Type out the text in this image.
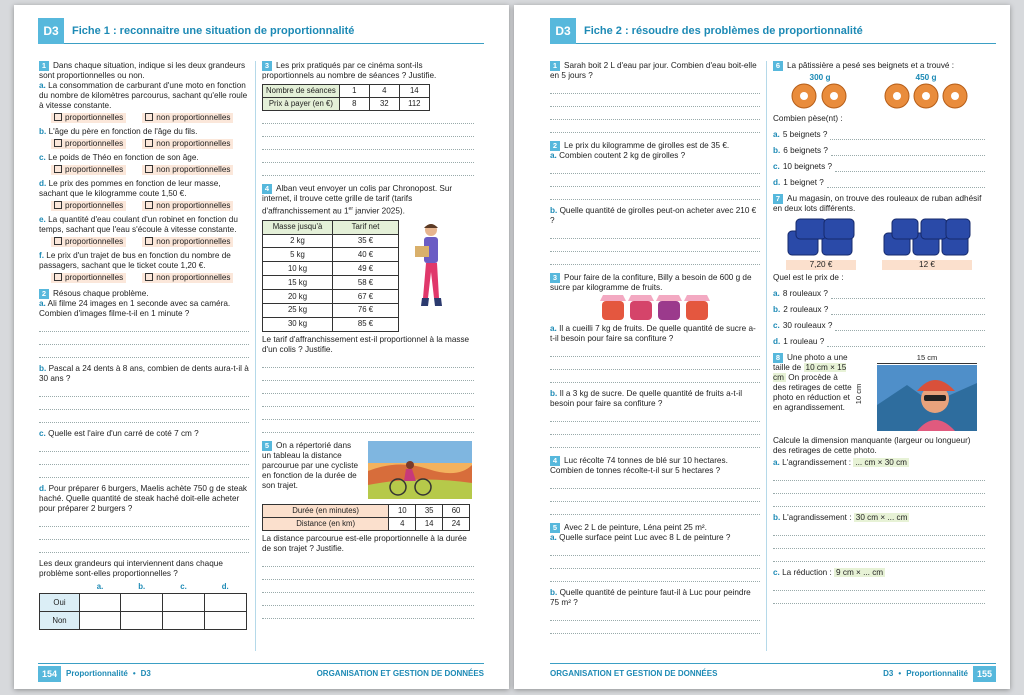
D3	Fiche 1 : reconnaitre une situation de proportionnalité
1 Dans chaque situation, indique si les deux grandeurs sont proportionnelles ou non.
a. La consommation de carburant d'une moto en fonction du nombre de kilomètres parcourus, sachant qu'elle roule à vitesse constante.
proportionnelles	non proportionnelles
b. L'âge du père en fonction de l'âge du fils.
proportionnelles	non proportionnelles
c. Le poids de Théo en fonction de son âge.
proportionnelles	non proportionnelles
d. Le prix des pommes en fonction de leur masse, sachant que le kilogramme coute 1,50 €.
proportionnelles	non proportionnelles
e. La quantité d'eau coulant d'un robinet en fonction du temps, sachant que l'eau s'écoule à vitesse constante.
proportionnelles	non proportionnelles
f. Le prix d'un trajet de bus en fonction du nombre de passagers, sachant que le ticket coute 1,20 €.
proportionnelles	non proportionnelles
2 Résous chaque problème.
a. Ali filme 24 images en 1 seconde avec sa caméra. Combien d'images filme-t-il en 1 minute ?
b. Pascal a 24 dents à 8 ans, combien de dents aura-t-il à 30 ans ?
c. Quelle est l'aire d'un carré de coté 7 cm ?
d. Pour préparer 6 burgers, Maelis achète 750 g de steak haché. Quelle quantité de steak haché doit-elle acheter pour préparer 2 burgers ?
Les deux grandeurs qui interviennent dans chaque problème sont-elles proportionnelles ?
	a.	b.	c.	d.
Oui				
Non				
3 Les prix pratiqués par ce cinéma sont-ils proportionnels au nombre de séances ? Justifie.
Nombre de séances	1	4	14
Prix à payer (en €)	8	32	112
4 Alban veut envoyer un colis par Chronopost. Sur internet, il trouve cette grille de tarif (tarifs d'affranchissement au 1er janvier 2025).
Masse jusqu'à	Tarif net
2 kg	35 €
5 kg	40 €
10 kg	49 €
15 kg	58 €
20 kg	67 €
25 kg	76 €
30 kg	85 €
Le tarif d'affranchissement est-il proportionnel à la masse d'un colis ? Justifie.
5 On a répertorié dans un tableau la distance parcourue par une cycliste en fonction de la durée de son trajet.
Durée (en minutes)	10	35	60
Distance (en km)	4	14	24
La distance parcourue est-elle proportionnelle à la durée de son trajet ? Justifie.
154	Proportionnalité • D3	ORGANISATION ET GESTION DE DONNÉES
D3	Fiche 2 : résoudre des problèmes de proportionnalité
1 Sarah boit 2 L d'eau par jour. Combien d'eau boit-elle en 5 jours ?
2 Le prix du kilogramme de girolles est de 35 €.
a. Combien coutent 2 kg de girolles ?
b. Quelle quantité de girolles peut-on acheter avec 210 € ?
3 Pour faire de la confiture, Billy a besoin de 600 g de sucre par kilogramme de fruits.
a. Il a cueilli 7 kg de fruits. De quelle quantité de sucre a-t-il besoin pour faire sa confiture ?
b. Il a 3 kg de sucre. De quelle quantité de fruits a-t-il besoin pour faire sa confiture ?
4 Luc récolte 74 tonnes de blé sur 10 hectares. Combien de tonnes récolte-t-il sur 5 hectares ?
5 Avec 2 L de peinture, Léna peint 25 m².
a. Quelle surface peint Luc avec 8 L de peinture ?
b. Quelle quantité de peinture faut-il à Luc pour peindre 75 m² ?
6 La pâtissière a pesé ses beignets et a trouvé :
300 g	450 g
Combien pèse(nt) :
a. 5 beignets ?
b. 6 beignets ?
c. 10 beignets ?
d. 1 beignet ?
7 Au magasin, on trouve des rouleaux de ruban adhésif en deux lots différents.
7,20 €	12 €
Quel est le prix de :
a. 8 rouleaux ?
b. 2 rouleaux ?
c. 30 rouleaux ?
d. 1 rouleau ?
8 Une photo a une taille de 10 cm × 15 cm On procède à des retirages de cette photo en réduction et en agrandissement.
15 cm
10 cm
Calcule la dimension manquante (largeur ou longueur) des retirages de cette photo.
a. L'agrandissement : ... cm × 30 cm
b. L'agrandissement : 30 cm × ... cm
c. La réduction : 9 cm × ... cm
ORGANISATION ET GESTION DE DONNÉES	D3 • Proportionnalité	155
